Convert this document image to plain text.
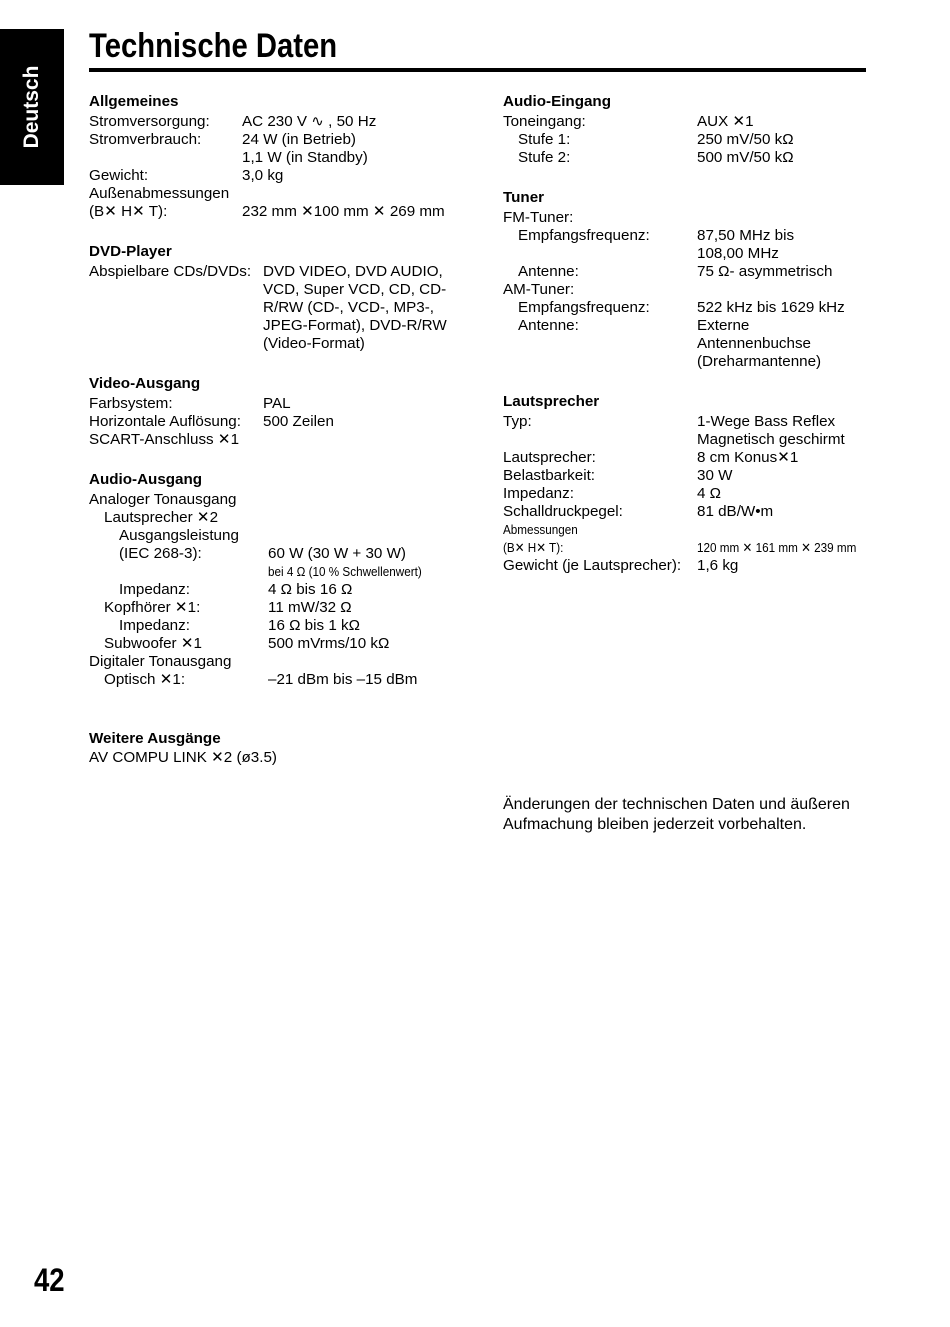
Deutsch
Technische Daten
Allgemeines
Stromversorgung: AC 230 V ∿ , 50 Hz
Stromverbrauch:	24 W (in Betrieb)
1,1 W (in Standby)
Gewicht:	3,0 kg
Außenabmessungen
(B✕ H✕ T):	232 mm ✕100 mm ✕ 269 mm
DVD-Player
Abspielbare CDs/DVDs: DVD VIDEO, DVD AUDIO,
VCD, Super VCD, CD, CD-
R/RW (CD-, VCD-, MP3-,
JPEG-Format), DVD-R/RW
(Video-Format)
Video-Ausgang
Farbsystem:	PAL
Horizontale Auflösung: 500 Zeilen
SCART-Anschluss ✕1
Audio-Ausgang
Analoger Tonausgang
Lautsprecher ✕2
Ausgangsleistung
(IEC 268-3):	60 W (30 W + 30 W)
bei 4 Ω (10 % Schwellenwert)
Impedanz:	4 Ω bis 16 Ω
Kopfhörer ✕1:	11 mW/32 Ω
Impedanz:	16 Ω bis 1 kΩ
Subwoofer ✕1	500 mVrms/10 kΩ
Digitaler Tonausgang
Optisch ✕1:	–21 dBm bis –15 dBm
Weitere Ausgänge
AV COMPU LINK ✕2 (ø3.5)
Audio-Eingang
Toneingang:	AUX ✕1
Stufe 1:	250 mV/50 kΩ
Stufe 2:	500 mV/50 kΩ
Tuner
FM-Tuner:
Empfangsfrequenz:	87,50 MHz bis
108,00 MHz
Antenne:	75 Ω- asymmetrisch
AM-Tuner:
Empfangsfrequenz:	522 kHz bis 1629 kHz
Antenne:	Externe
Antennenbuchse
(Dreharmantenne)
Lautsprecher
Typ:	1-Wege Bass Reflex
Magnetisch geschirmt
Lautsprecher:	8 cm Konus✕1
Belastbarkeit:	30 W
Impedanz:	4 Ω
Schalldruckpegel:	81 dB/W•m
Abmessungen
(B✕ H✕ T):	120 mm ✕ 161 mm ✕ 239 mm
Gewicht (je Lautsprecher): 1,6 kg
Änderungen der technischen Daten und äußeren
Aufmachung bleiben jederzeit vorbehalten.
42
